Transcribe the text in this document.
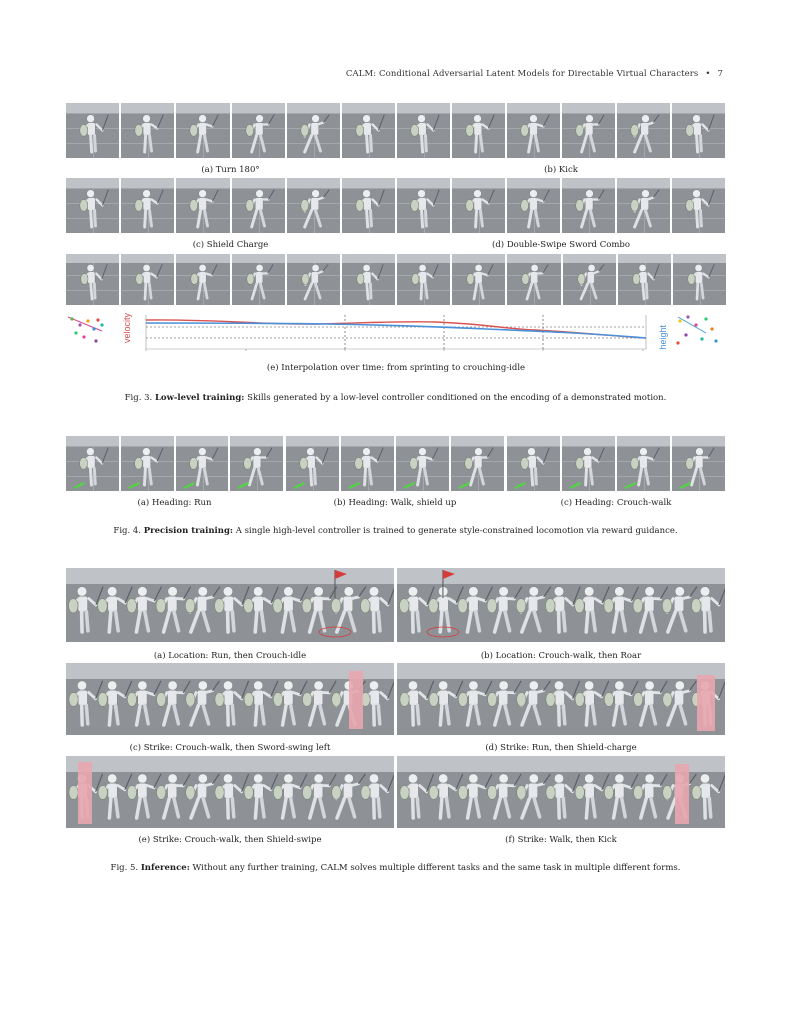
CALM: Conditional Adversarial Latent Models for Directable Virtual Characters • 7
(a) Turn 180°	(b) Kick
(c) Shield Charge	(d) Double-Swipe Sword Combo
velocity	height
(e) Interpolation over time: from sprinting to crouching-idle
Fig. 3. Low-level training: Skills generated by a low-level controller conditioned on the encoding of a demonstrated motion.
(a) Heading: Run	(b) Heading: Walk, shield up	(c) Heading: Crouch-walk
Fig. 4. Precision training: A single high-level controller is trained to generate style-constrained locomotion via reward guidance.
(a) Location: Run, then Crouch-idle	(b) Location: Crouch-walk, then Roar
(c) Strike: Crouch-walk, then Sword-swing left	(d) Strike: Run, then Shield-charge
(e) Strike: Crouch-walk, then Shield-swipe	(f) Strike: Walk, then Kick
Fig. 5. Inference: Without any further training, CALM solves multiple different tasks and the same task in multiple different forms.
